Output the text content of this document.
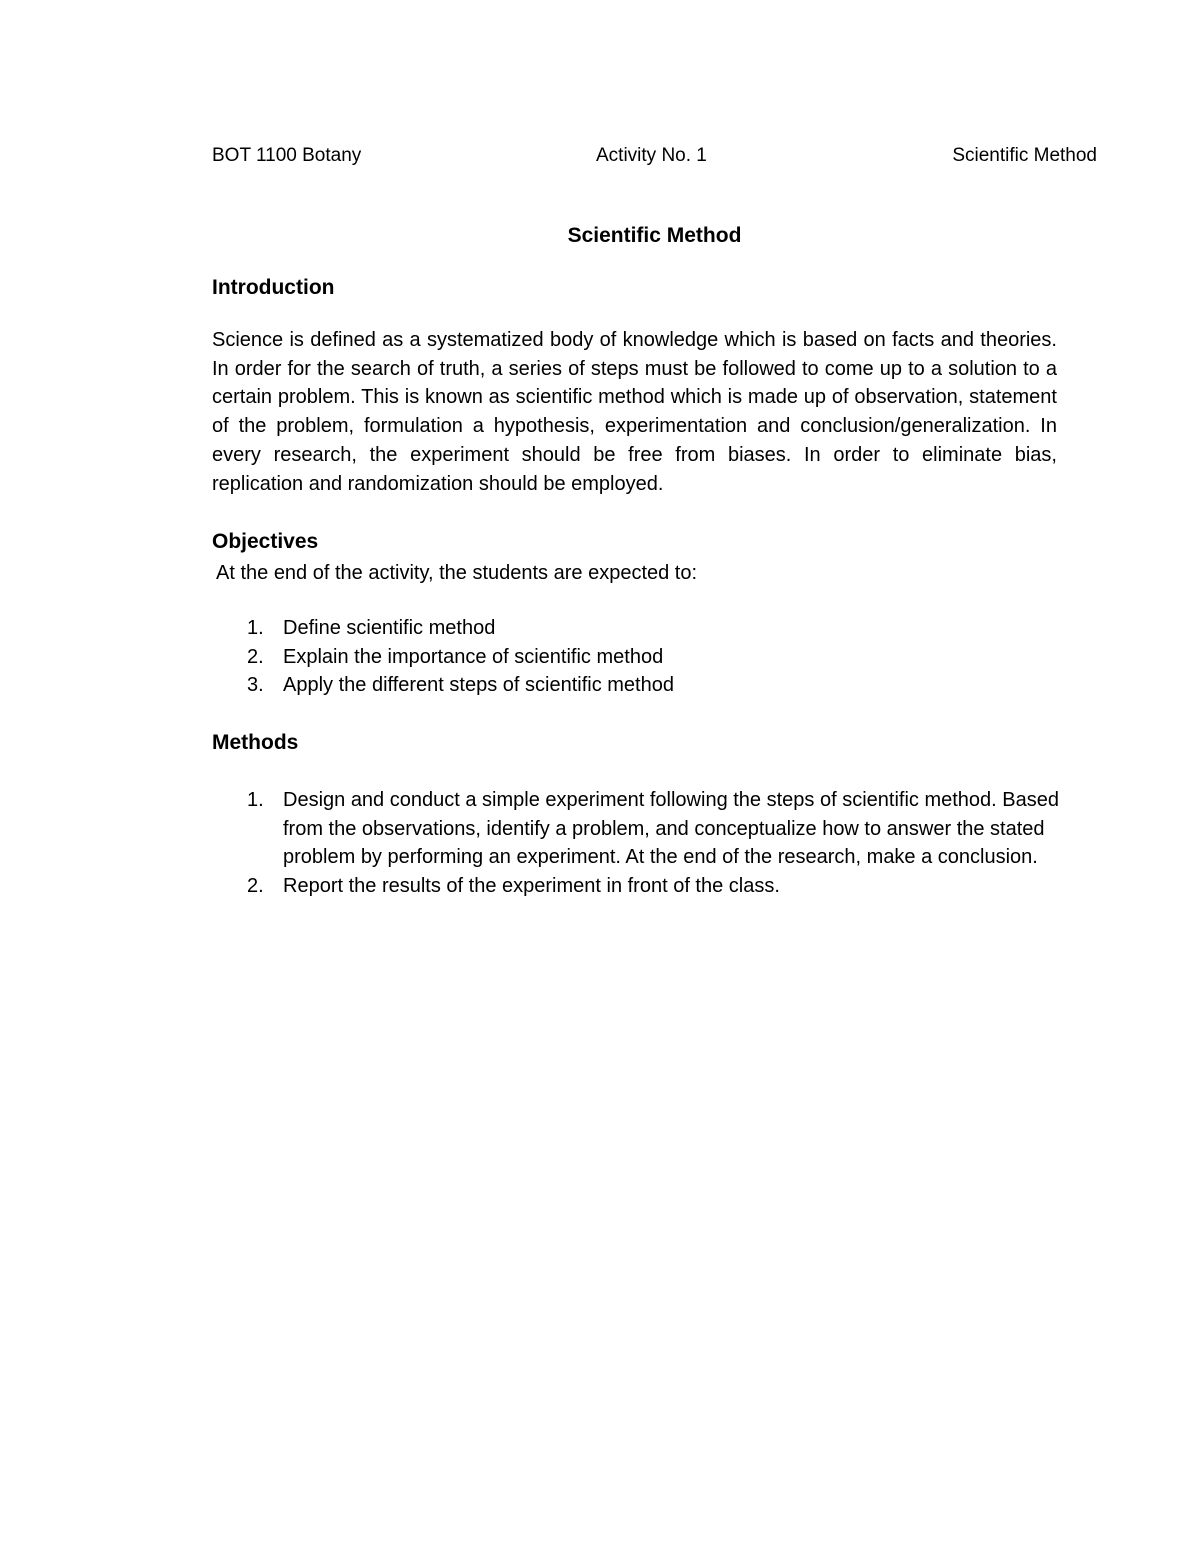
BOT 1100 Botany	Activity No. 1	Scientific Method
Scientific Method
Introduction
Science is defined as a systematized body of knowledge which is based on facts and theories. In order for the search of truth, a series of steps must be followed to come up to a solution to a certain problem. This is known as scientific method which is made up of observation, statement of the problem, formulation a hypothesis, experimentation and conclusion/generalization. In every research, the experiment should be free from biases. In order to eliminate bias, replication and randomization should be employed.
Objectives
At the end of the activity, the students are expected to:
1. Define scientific method
2. Explain the importance of scientific method
3. Apply the different steps of scientific method
Methods
1. Design and conduct a simple experiment following the steps of scientific method. Based from the observations, identify a problem, and conceptualize how to answer the stated problem by performing an experiment. At the end of the research, make a conclusion.
2. Report the results of the experiment in front of the class.
